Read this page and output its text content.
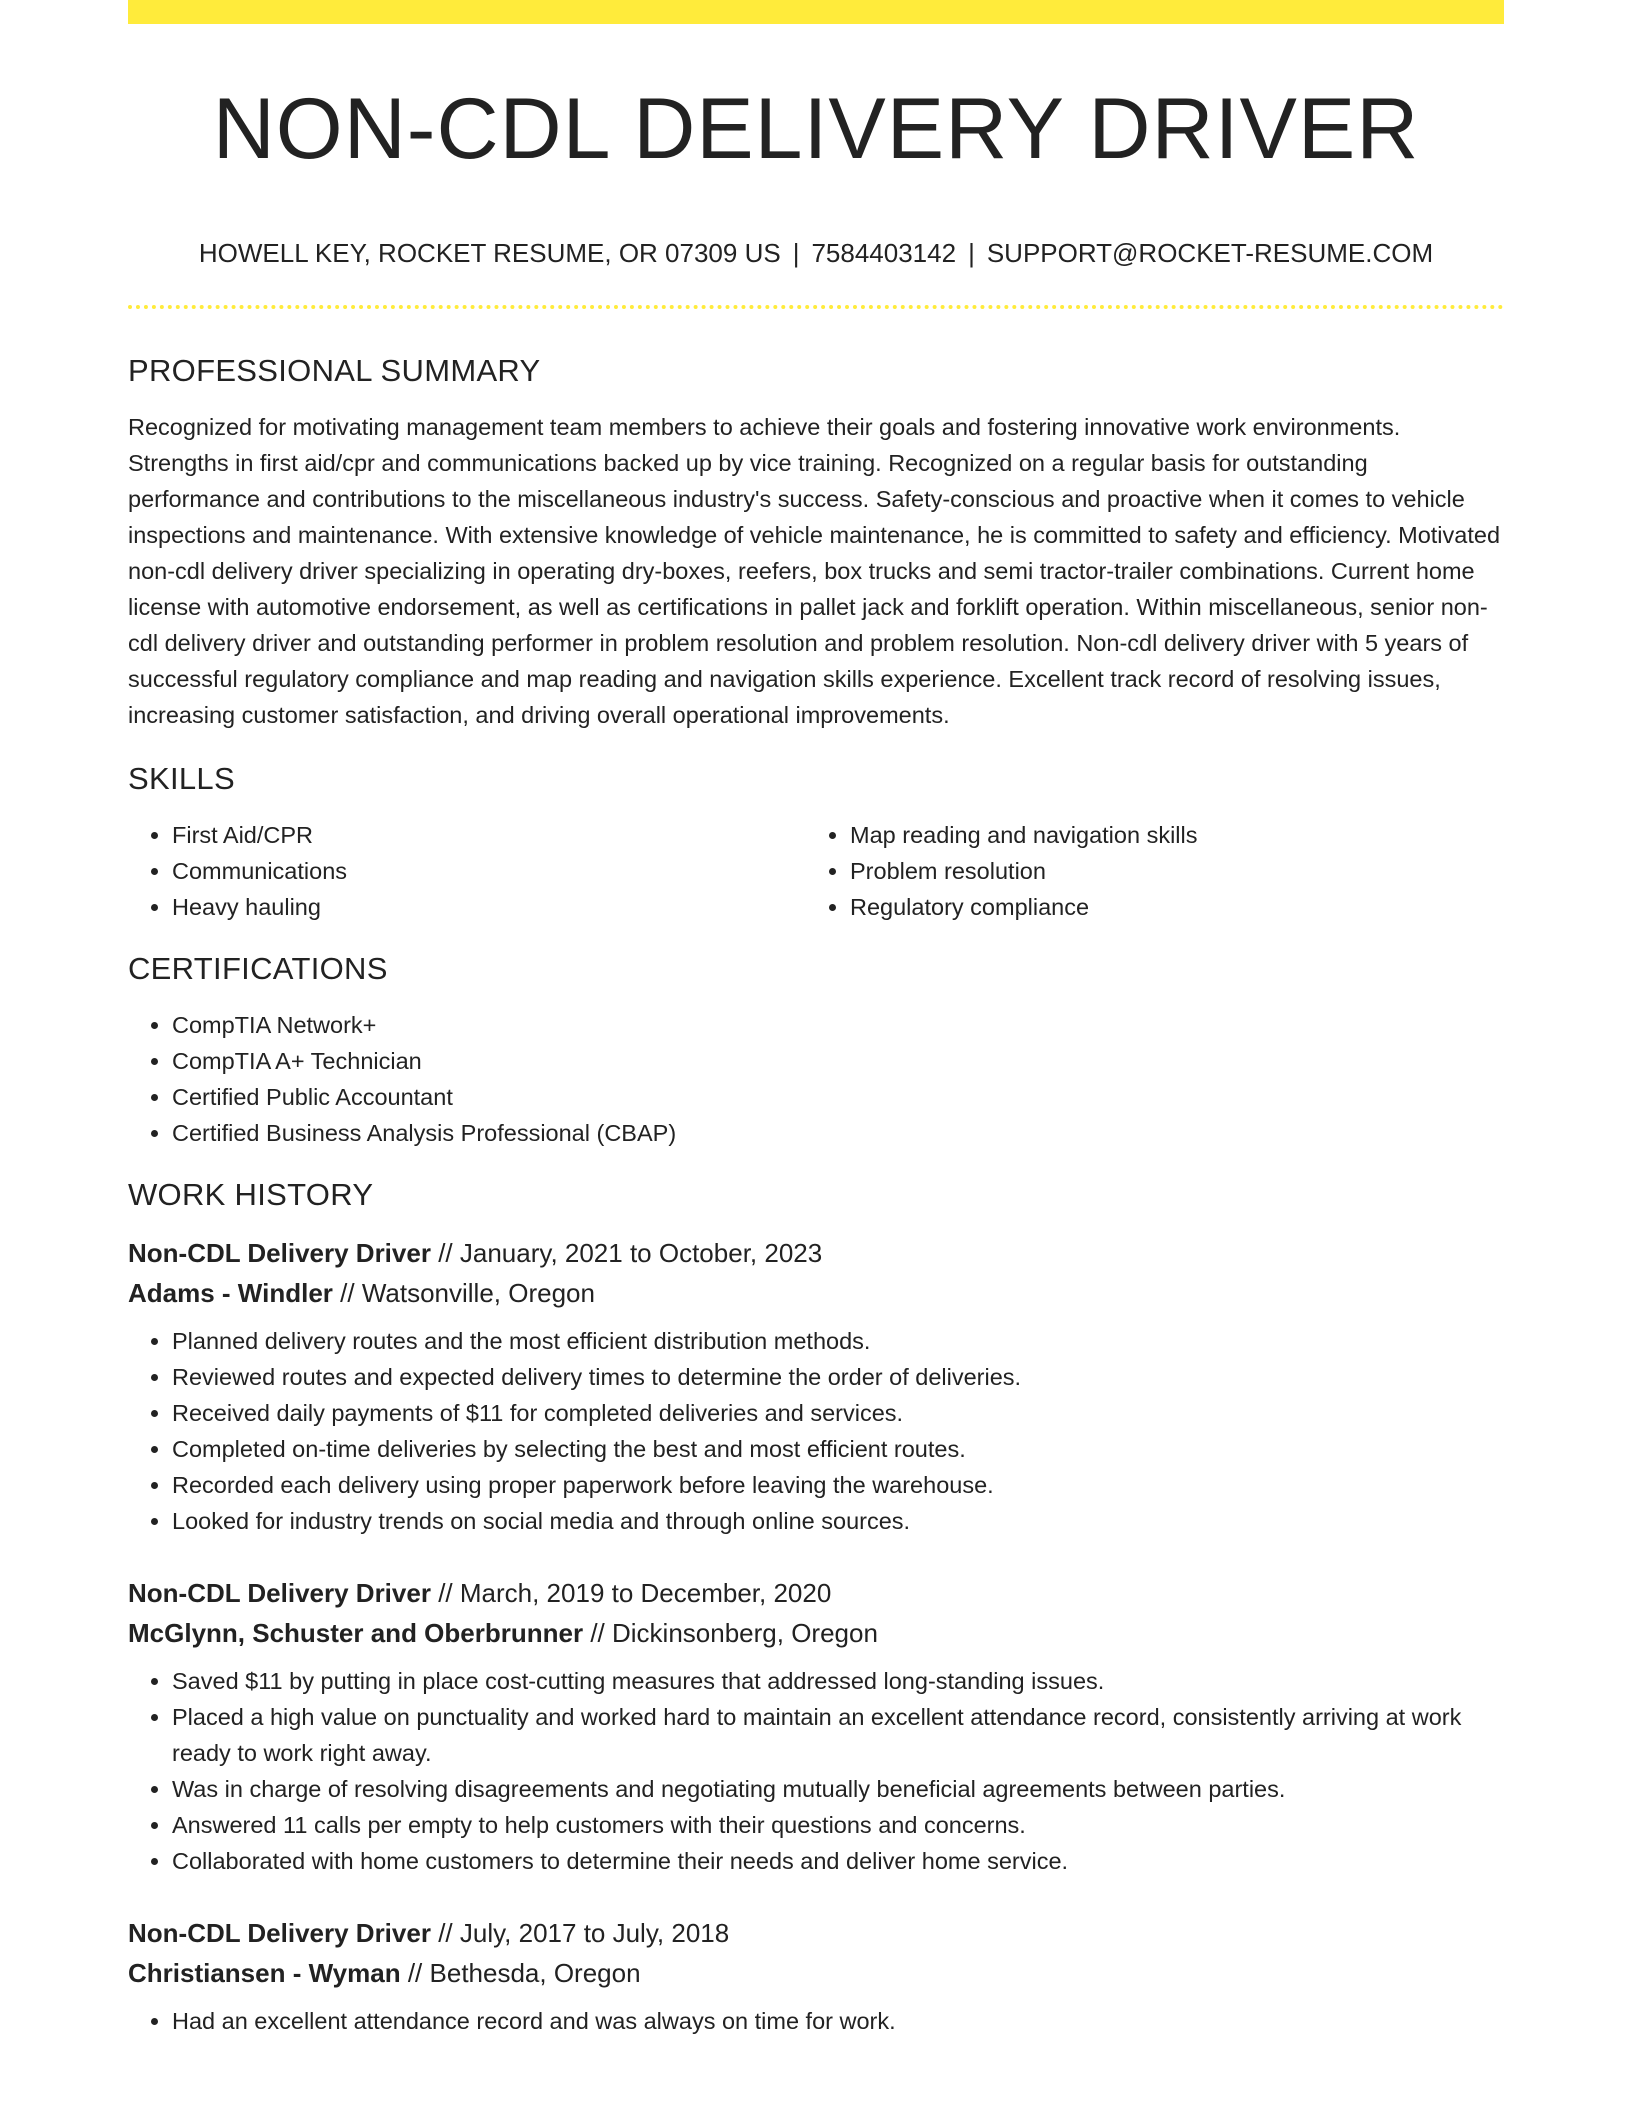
NON-CDL DELIVERY DRIVER
HOWELL KEY, ROCKET RESUME, OR 07309 US | 7584403142 | SUPPORT@ROCKET-RESUME.COM
PROFESSIONAL SUMMARY

Recognized for motivating management team members to achieve their goals and fostering innovative work environments. Strengths in first aid/cpr and communications backed up by vice training. Recognized on a regular basis for outstanding performance and contributions to the miscellaneous industry's success. Safety-conscious and proactive when it comes to vehicle inspections and maintenance. With extensive knowledge of vehicle maintenance, he is committed to safety and efficiency. Motivated non-cdl delivery driver specializing in operating dry-boxes, reefers, box trucks and semi tractor-trailer combinations. Current home license with automotive endorsement, as well as certifications in pallet jack and forklift operation. Within miscellaneous, senior non-cdl delivery driver and outstanding performer in problem resolution and problem resolution. Non-cdl delivery driver with 5 years of successful regulatory compliance and map reading and navigation skills experience. Excellent track record of resolving issues, increasing customer satisfaction, and driving overall operational improvements.

SKILLS
• First Aid/CPR
• Communications
• Heavy hauling
• Map reading and navigation skills
• Problem resolution
• Regulatory compliance
CERTIFICATIONS
• CompTIA Network+
• CompTIA A+ Technician
• Certified Public Accountant
• Certified Business Analysis Professional (CBAP)
WORK HISTORY
Non-CDL Delivery Driver // January, 2021 to October, 2023
Adams - Windler // Watsonville, Oregon
• Planned delivery routes and the most efficient distribution methods.
• Reviewed routes and expected delivery times to determine the order of deliveries.
• Received daily payments of $11 for completed deliveries and services.
• Completed on-time deliveries by selecting the best and most efficient routes.
• Recorded each delivery using proper paperwork before leaving the warehouse.
• Looked for industry trends on social media and through online sources.
Non-CDL Delivery Driver // March, 2019 to December, 2020
McGlynn, Schuster and Oberbrunner // Dickinsonberg, Oregon
• Saved $11 by putting in place cost-cutting measures that addressed long-standing issues.
• Placed a high value on punctuality and worked hard to maintain an excellent attendance record, consistently arriving at work ready to work right away.
• Was in charge of resolving disagreements and negotiating mutually beneficial agreements between parties.
• Answered 11 calls per empty to help customers with their questions and concerns.
• Collaborated with home customers to determine their needs and deliver home service.
Non-CDL Delivery Driver // July, 2017 to July, 2018
Christiansen - Wyman // Bethesda, Oregon
• Had an excellent attendance record and was always on time for work.
